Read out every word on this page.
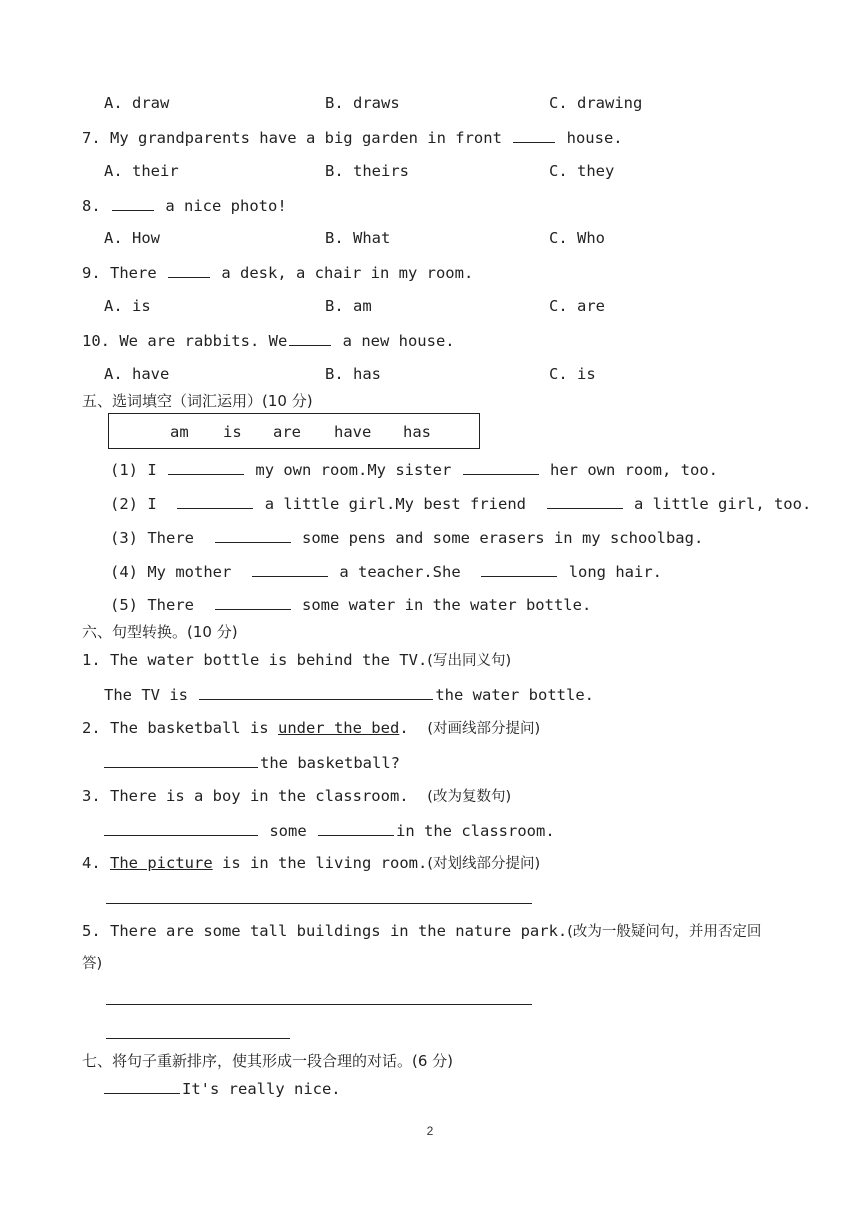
A. draw	B. draws	C. drawing
7. My grandparents have a big garden in front	house.
A. their	B. theirs	C. they
8.	a nice photo!
A. How	B. What	C. Who
9. There	a desk, a chair in my room.
A. is	B. am	C. are
10. We are rabbits. We	a new house.
A. have	B. has	C. is
五、选词填空（词汇运用）(10 分)
am is are have has
(1) I	my own room.My sister	her own room, too.
(2) I	a little girl.My best friend	a little girl, too.
(3) There	some pens and some erasers in my schoolbag.
(4) My mother	a teacher.She	long hair.
(5) There	some water in the water bottle.
六、句型转换。(10 分)
1. The water bottle is behind the TV.(写出同义句)
The TV is	the water bottle.
2. The basketball is under the bed. (对画线部分提问)
the basketball?
3. There is a boy in the classroom. (改为复数句)
some	in the classroom.
4. The picture is in the living room.(对划线部分提问)
5. There are some tall buildings in the nature park.(改为一般疑问句，并用否定回
答)
七、将句子重新排序，使其形成一段合理的对话。(6 分)
It's really nice.
2
